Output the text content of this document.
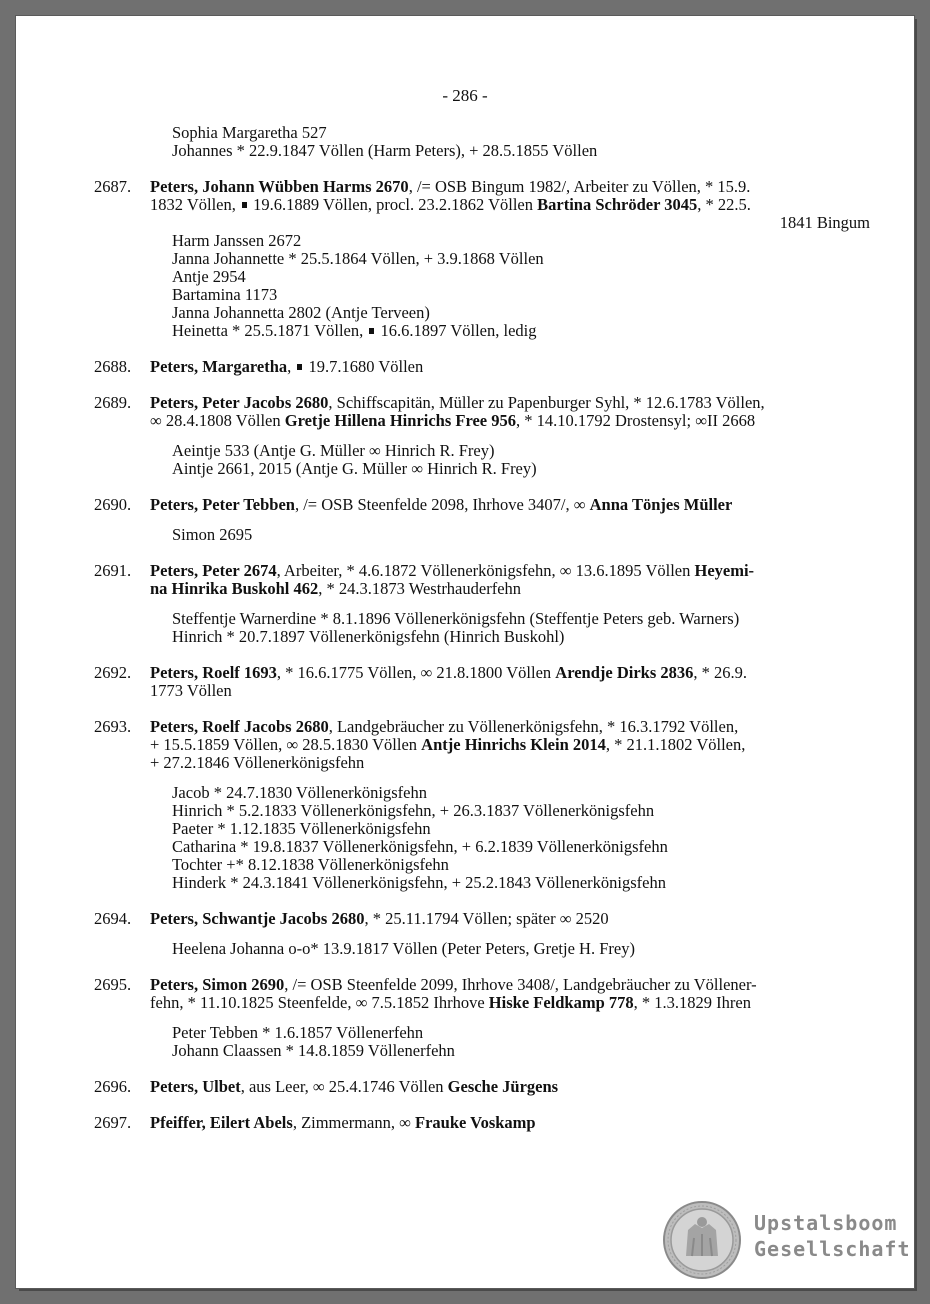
- 286 -
Sophia Margaretha 527
Johannes * 22.9.1847 Völlen (Harm Peters), + 28.5.1855 Völlen
2687.	Peters, Johann Wübben Harms 2670, /= OSB Bingum 1982/, Arbeiter zu Völlen, * 15.9.
1832 Völlen,  19.6.1889 Völlen, procl. 23.2.1862 Völlen Bartina Schröder 3045, * 22.5.
1841 Bingum
Harm Janssen 2672
Janna Johannette * 25.5.1864 Völlen, + 3.9.1868 Völlen
Antje 2954
Bartamina 1173
Janna Johannetta 2802 (Antje Terveen)
Heinetta * 25.5.1871 Völlen,  16.6.1897 Völlen, ledig
2688.	Peters, Margaretha,  19.7.1680 Völlen
2689.	Peters, Peter Jacobs 2680, Schiffscapitän, Müller zu Papenburger Syhl, * 12.6.1783 Völlen,
∞ 28.4.1808 Völlen Gretje Hillena Hinrichs Free 956, * 14.10.1792 Drostensyl; ∞II 2668
Aeintje 533 (Antje G. Müller ∞ Hinrich R. Frey)
Aintje 2661, 2015 (Antje G. Müller ∞ Hinrich R. Frey)
2690.	Peters, Peter Tebben, /= OSB Steenfelde 2098, Ihrhove 3407/, ∞ Anna Tönjes Müller
Simon 2695
2691.	Peters, Peter 2674, Arbeiter, * 4.6.1872 Völlenerkönigsfehn, ∞ 13.6.1895 Völlen Heyemi-
na Hinrika Buskohl 462, * 24.3.1873 Westrhauderfehn
Steffentje Warnerdine * 8.1.1896 Völlenerkönigsfehn (Steffentje Peters geb. Warners)
Hinrich * 20.7.1897 Völlenerkönigsfehn (Hinrich Buskohl)
2692.	Peters, Roelf 1693, * 16.6.1775 Völlen, ∞ 21.8.1800 Völlen Arendje Dirks 2836, * 26.9.
1773 Völlen
2693.	Peters, Roelf Jacobs 2680, Landgebräucher zu Völlenerkönigsfehn, * 16.3.1792 Völlen,
+ 15.5.1859 Völlen, ∞ 28.5.1830 Völlen Antje Hinrichs Klein 2014, * 21.1.1802 Völlen,
+ 27.2.1846 Völlenerkönigsfehn
Jacob * 24.7.1830 Völlenerkönigsfehn
Hinrich * 5.2.1833 Völlenerkönigsfehn, + 26.3.1837 Völlenerkönigsfehn
Paeter * 1.12.1835 Völlenerkönigsfehn
Catharina * 19.8.1837 Völlenerkönigsfehn, + 6.2.1839 Völlenerkönigsfehn
Tochter +* 8.12.1838 Völlenerkönigsfehn
Hinderk * 24.3.1841 Völlenerkönigsfehn, + 25.2.1843 Völlenerkönigsfehn
2694.	Peters, Schwantje Jacobs 2680, * 25.11.1794 Völlen; später ∞ 2520
Heelena Johanna o-o* 13.9.1817 Völlen (Peter Peters, Gretje H. Frey)
2695.	Peters, Simon 2690, /= OSB Steenfelde 2099, Ihrhove 3408/, Landgebräucher zu Völlener-
fehn, * 11.10.1825 Steenfelde, ∞ 7.5.1852 Ihrhove Hiske Feldkamp 778, * 1.3.1829 Ihren
Peter Tebben * 1.6.1857 Völlenerfehn
Johann Claassen * 14.8.1859 Völlenerfehn
2696.	Peters, Ulbet, aus Leer, ∞ 25.4.1746 Völlen Gesche Jürgens
2697.	Pfeiffer, Eilert Abels, Zimmermann, ∞ Frauke Voskamp
Upstalsboom
Gesellschaft
